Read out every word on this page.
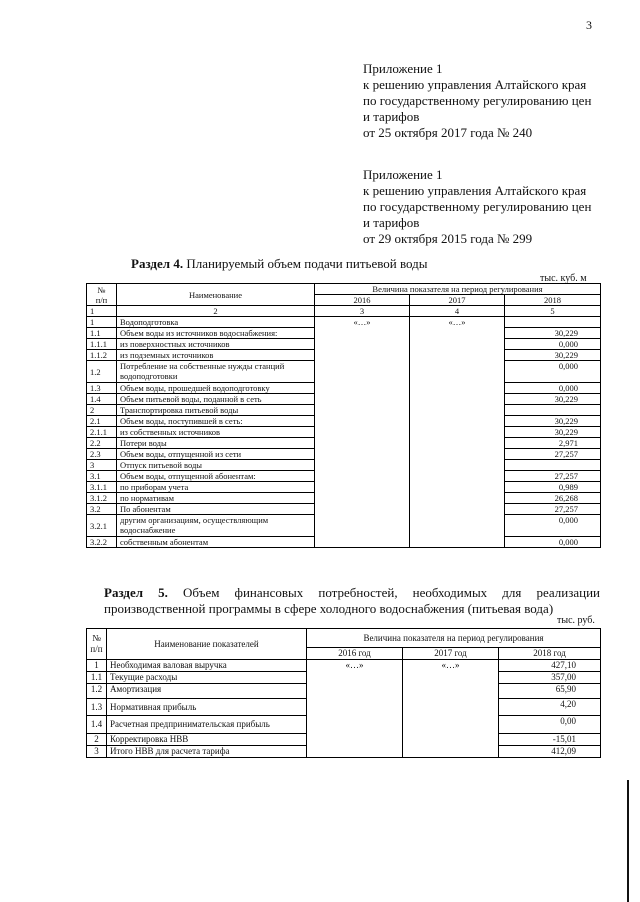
3
Приложение 1
к решению управления Алтайского края
по государственному регулированию цен
и тарифов
от 25 октября 2017 года № 240
Приложение 1
к решению управления Алтайского края
по государственному регулированию цен
и тарифов
от 29 октября 2015 года № 299
Раздел 4. Планируемый объем подачи питьевой воды
тыс. куб. м
№
п/п	Наименование	Величина показателя на период регулирования		
		2016	2017	2018
1	2	3	4	5
1	Водоподготовка	«…»	«…»	
1.1	Объем воды из источников водоснабжения:			30,229
1.1.1	из поверхностных источников			0,000
1.1.2	из подземных источников			30,229
1.2	Потребление на собственные нужды станций водоподготовки			0,000
1.3	Объем воды, прошедшей водоподготовку			0,000
1.4	Объем питьевой воды, поданной в сеть			30,229
2	Транспортировка питьевой воды			
2.1	Объем воды, поступившей в сеть:			30,229
2.1.1	из собственных источников			30,229
2.2	Потери воды			2,971
2.3	Объем воды, отпущенной из сети			27,257
3	Отпуск питьевой воды			
3.1	Объем воды, отпущенной абонентам:			27,257
3.1.1	по приборам учета			0,989
3.1.2	по нормативам			26,268
3.2	По абонентам			27,257
3.2.1	другим организациям, осуществляющим водоснабжение			0,000
3.2.2	собственным абонентам			0,000
Раздел 5. Объем финансовых потребностей, необходимых для реализации производственной программы в сфере холодного водоснабжения (питьевая вода)
тыс. руб.
№
п/п	Наименование показателей	Величина показателя на период регулирования		
		2016 год	2017 год	2018 год
1	Необходимая валовая выручка	«…»	«…»	427,10
1.1	Текущие расходы			357,00
1.2	Амортизация			65,90
1.3	Нормативная прибыль			4,20
1.4	Расчетная предпринимательская прибыль			0,00
2	Корректировка НВВ			-15,01
3	Итого НВВ для расчета тарифа			412,09
